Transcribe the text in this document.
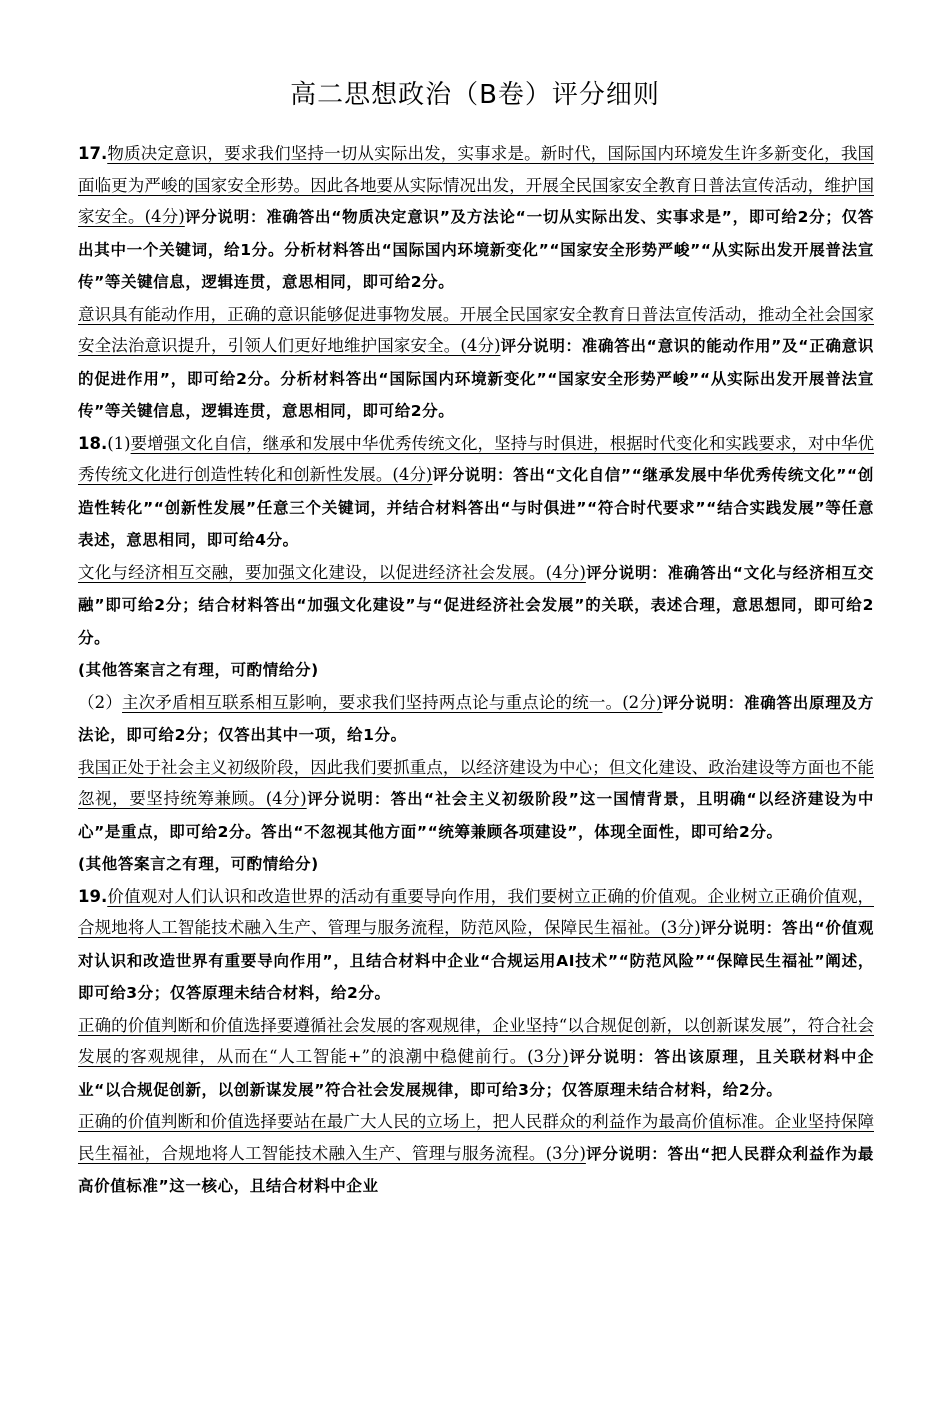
高二思想政治（B卷）评分细则

17.物质决定意识，要求我们坚持一切从实际出发，实事求是。新时代，国际国内环境发生许多新变化，我国面临更为严峻的国家安全形势。因此各地要从实际情况出发，开展全民国家安全教育日普法宣传活动，维护国家安全。(4分)评分说明：准确答出“物质决定意识”及方法论“一切从实际出发、实事求是”，即可给2分；仅答出其中一个关键词，给1分。分析材料答出“国际国内环境新变化”“国家安全形势严峻”“从实际出发开展普法宣传”等关键信息，逻辑连贯，意思相同，即可给2分。

意识具有能动作用，正确的意识能够促进事物发展。开展全民国家安全教育日普法宣传活动，推动全社会国家安全法治意识提升，引领人们更好地维护国家安全。(4分)评分说明：准确答出“意识的能动作用”及“正确意识的促进作用”，即可给2分。分析材料答出“国际国内环境新变化”“国家安全形势严峻”“从实际出发开展普法宣传”等关键信息，逻辑连贯，意思相同，即可给2分。

18.(1)要增强文化自信，继承和发展中华优秀传统文化，坚持与时俱进，根据时代变化和实践要求，对中华优秀传统文化进行创造性转化和创新性发展。(4分)评分说明：答出“文化自信”“继承发展中华优秀传统文化”“创造性转化”“创新性发展”任意三个关键词，并结合材料答出“与时俱进”“符合时代要求”“结合实践发展”等任意表述，意思相同，即可给4分。

文化与经济相互交融，要加强文化建设，以促进经济社会发展。(4分)评分说明：准确答出“文化与经济相互交融”即可给2分；结合材料答出“加强文化建设”与“促进经济社会发展”的关联，表述合理，意思想同，即可给2分。

(其他答案言之有理，可酌情给分)

（2）主次矛盾相互联系相互影响，要求我们坚持两点论与重点论的统一。(2分)评分说明：准确答出原理及方法论，即可给2分；仅答出其中一项，给1分。

我国正处于社会主义初级阶段，因此我们要抓重点，以经济建设为中心；但文化建设、政治建设等方面也不能忽视，要坚持统筹兼顾。(4分)评分说明：答出“社会主义初级阶段”这一国情背景，且明确“以经济建设为中心”是重点，即可给2分。答出“不忽视其他方面”“统筹兼顾各项建设”，体现全面性，即可给2分。

(其他答案言之有理，可酌情给分)

19.价值观对人们认识和改造世界的活动有重要导向作用，我们要树立正确的价值观。企业树立正确价值观，合规地将人工智能技术融入生产、管理与服务流程，防范风险，保障民生福祉。(3分)评分说明：答出“价值观对认识和改造世界有重要导向作用”，且结合材料中企业“合规运用AI技术”“防范风险”“保障民生福祉”阐述，即可给3分；仅答原理未结合材料，给2分。

正确的价值判断和价值选择要遵循社会发展的客观规律，企业坚持“以合规促创新，以创新谋发展”，符合社会发展的客观规律，从而在“人工智能+”的浪潮中稳健前行。(3分)评分说明：答出该原理，且关联材料中企业“以合规促创新，以创新谋发展”符合社会发展规律，即可给3分；仅答原理未结合材料，给2分。

正确的价值判断和价值选择要站在最广大人民的立场上，把人民群众的利益作为最高价值标准。企业坚持保障民生福祉，合规地将人工智能技术融入生产、管理与服务流程。(3分)评分说明：答出“把人民群众利益作为最高价值标准”这一核心，且结合材料中企业
